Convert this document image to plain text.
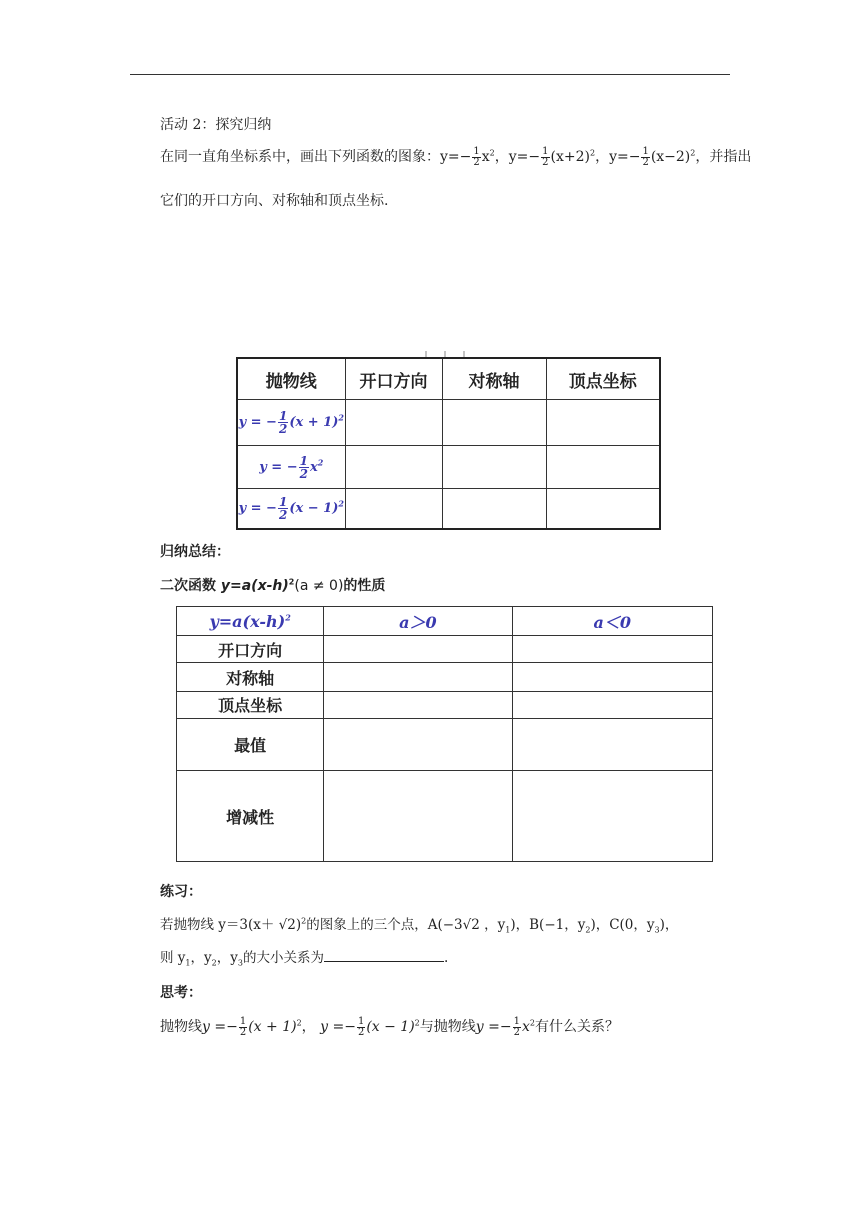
活动 2：探究归纳
在同一直角坐标系中，画出下列函数的图象：$y=- \frac{1}{2} x^2$，$y=- \frac{1}{2} (x+2)^2$，$y=- \frac{1}{2} (x-2)^2$，并指出
它们的开口方向、对称轴和顶点坐标.
抛物线	开口方向	对称轴	顶点坐标
y = − $\frac{1}{2} (x + 1)^2$			
y = − $\frac{1}{2} x^2$			
y = − $\frac{1}{2} (x - 1)^2$			
归纳总结：
二次函数 $y=a(x-h)^2(a \ne 0)$的性质
$y=a(x-h)^2$	a＞0	a＜0
开口方向		
对称轴		
顶点坐标		
最值		
增减性		
练习：
若抛物线 $y=3(x+ √2)^2$的图象上的三个点，A(−3√2 ，$y_1$)，B(−1，$y_2$)，C(0，$y_3$)，
则 $y_1$，$y_2$，$y_3$的大小关系为	.
思考：
抛物线$y =- \frac{1}{2} (x + 1)^2$， $y =- \frac{1}{2} (x - 1)^2$与抛物线$y =- \frac{1}{2} x^2$有什么关系？
